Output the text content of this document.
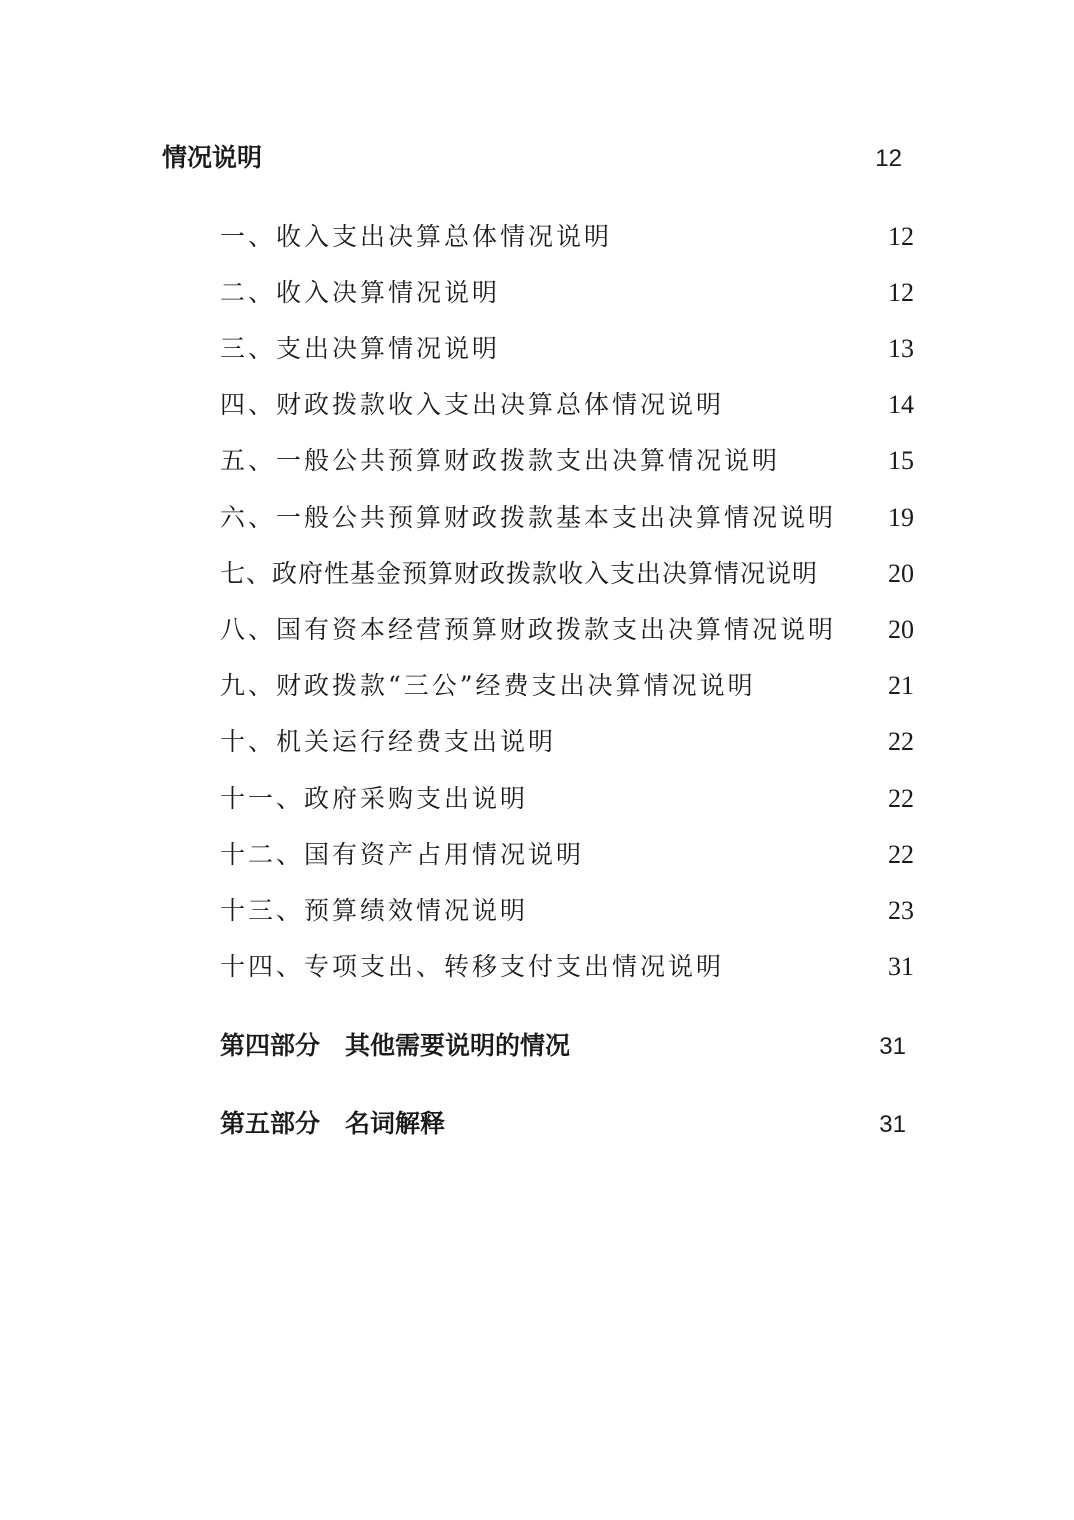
情况说明	12
一、收入支出决算总体情况说明	12
二、收入决算情况说明	12
三、支出决算情况说明	13
四、财政拨款收入支出决算总体情况说明	14
五、一般公共预算财政拨款支出决算情况说明	15
六、一般公共预算财政拨款基本支出决算情况说明 19
七、政府性基金预算财政拨款收入支出决算情况说明	20
八、国有资本经营预算财政拨款支出决算情况说明 20
九、财政拨款“三公”经费支出决算情况说明	21
十、机关运行经费支出说明	22
十一、政府采购支出说明	22
十二、国有资产占用情况说明	22
十三、预算绩效情况说明	23
十四、专项支出、转移支付支出情况说明	31
第四部分　其他需要说明的情况	31
第五部分　名词解释	31
